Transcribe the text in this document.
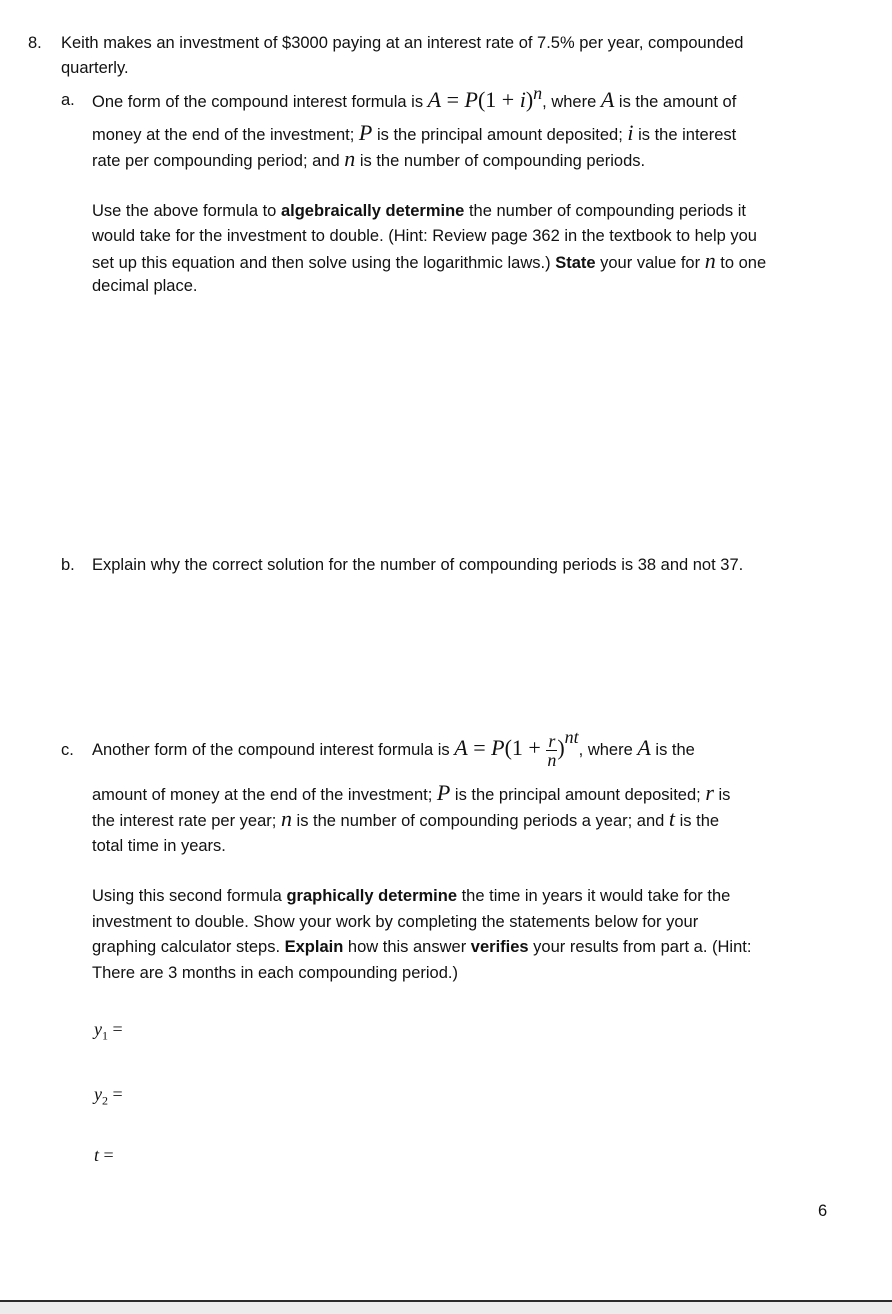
8. Keith makes an investment of $3000 paying at an interest rate of 7.5% per year, compounded
quarterly.
a. One form of the compound interest formula is $A = P(1 + i)^n$, where A is the amount of
money at the end of the investment; P is the principal amount deposited; i is the interest
rate per compounding period; and n is the number of compounding periods.
Use the above formula to algebraically determine the number of compounding periods it
would take for the investment to double. (Hint: Review page 362 in the textbook to help you
set up this equation and then solve using the logarithmic laws.) State your value for n to one
decimal place.
b. Explain why the correct solution for the number of compounding periods is 38 and not 37.
c. Another form of the compound interest formula is $A = P(1 + \frac{r}{n} )^{nt}$, where A is the
amount of money at the end of the investment; P is the principal amount deposited; r is
the interest rate per year; n is the number of compounding periods a year; and t is the
total time in years.
Using this second formula graphically determine the time in years it would take for the
investment to double. Show your work by completing the statements below for your
graphing calculator steps. Explain how this answer verifies your results from part a. (Hint:
There are 3 months in each compounding period.)
$y_1$ =
$y_2$ =
t =
6
